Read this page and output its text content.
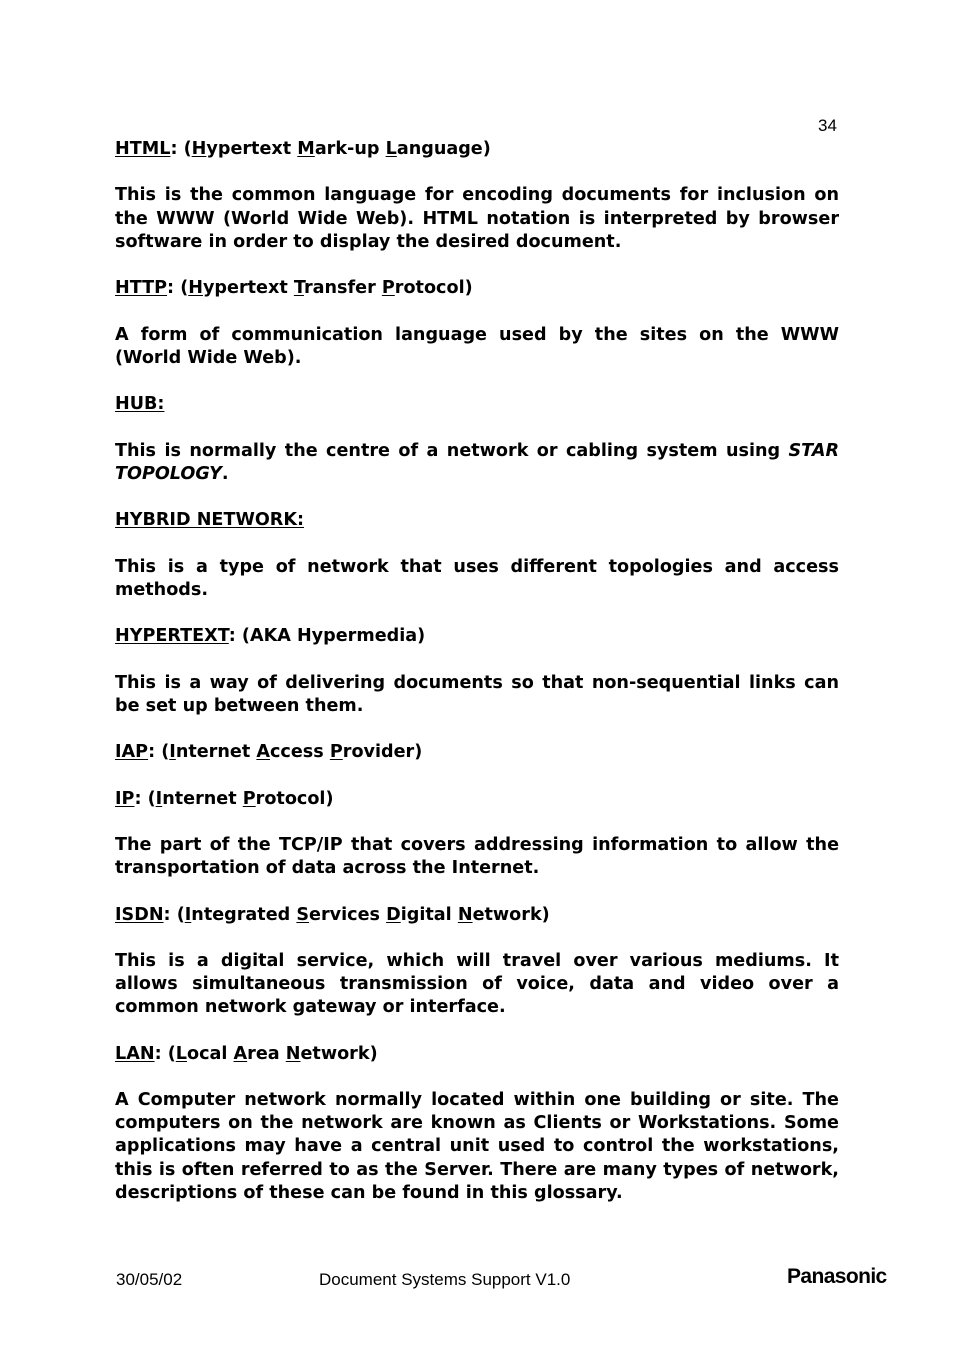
34

HTML: (Hypertext Mark-up Language)

This is the common language for encoding documents for inclusion on the WWW (World Wide Web). HTML notation is interpreted by browser software in order to display the desired document.

HTTP: (Hypertext Transfer Protocol)

A form of communication language used by the sites on the WWW (World Wide Web).

HUB:

This is normally the centre of a network or cabling system using STAR TOPOLOGY.

HYBRID NETWORK:

This is a type of network that uses different topologies and access methods.

HYPERTEXT: (AKA Hypermedia)

This is a way of delivering documents so that non-sequential links can be set up between them.

IAP: (Internet Access Provider)

IP: (Internet Protocol)

The part of the TCP/IP that covers addressing information to allow the transportation of data across the Internet.

ISDN: (Integrated Services Digital Network)

This is a digital service, which will travel over various mediums. It allows simultaneous transmission of voice, data and video over a common network gateway or interface.

LAN: (Local Area Network)

A Computer network normally located within one building or site. The computers on the network are known as Clients or Workstations. Some applications may have a central unit used to control the workstations, this is often referred to as the Server. There are many types of network, descriptions of these can be found in this glossary.

30/05/02	Document Systems Support V1.0	Panasonic
